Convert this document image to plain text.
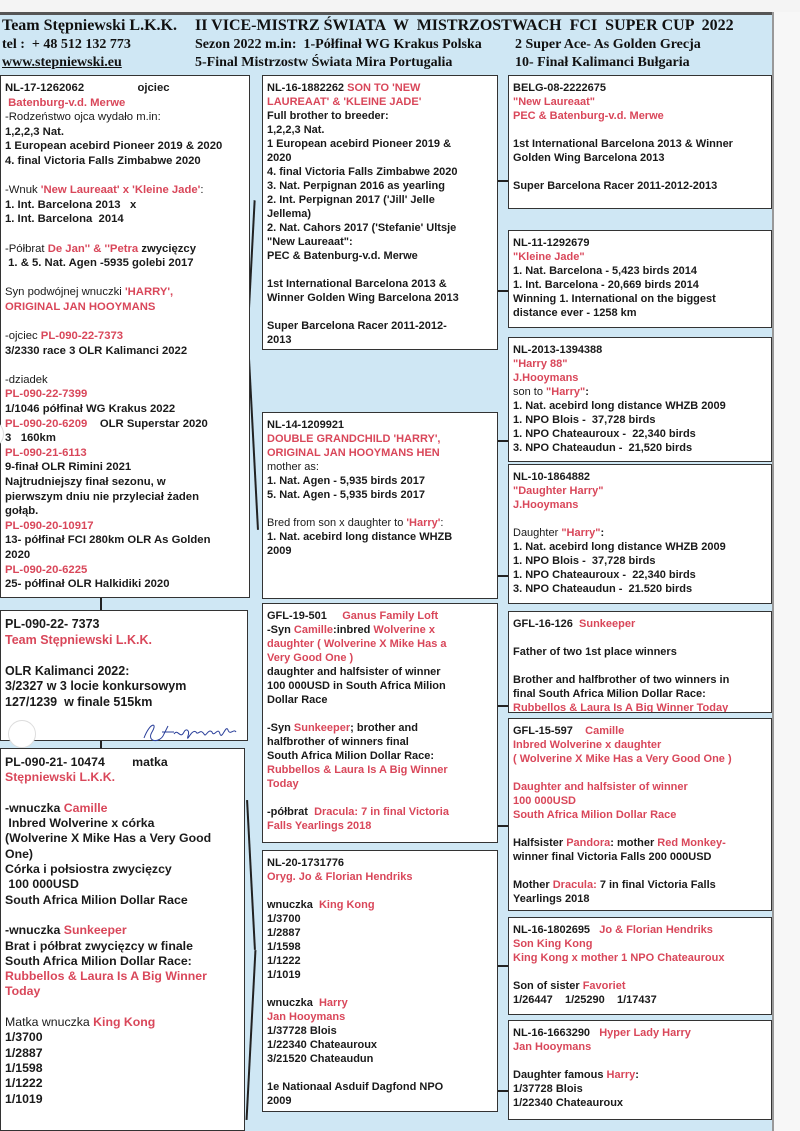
Team Stępniewski L.K.K. II VICE-MISTRZ ŚWIATA  W  MISTRZOSTWACH  FCI  SUPER CUP  2022
tel :  + 48 512 132 773
www.stepniewski.eu
Sezon 2022 m.in:  1-Półfinał WG Krakus Polska 2 Super Ace- As Golden Grecja
5-Final Mistrzostw Świata Mira Portugalia	10- Finał Kalimanci Bułgaria
NL-17-1262062                 ojciec
Batenburg-v.d. Merwe
-Rodzeństwo ojca wydało m.in:
1,2,2,3 Nat.
1 European acebird Pioneer 2019 & 2020
4. final Victoria Falls Zimbabwe 2020
-Wnuk 'New Laureaat' x 'Kleine Jade':
1. Int. Barcelona 2013   x
1. Int. Barcelona  2014
-Półbrat De Jan'' & ''Petra zwycięzcy
1. & 5. Nat. Agen -5935 golebi 2017
Syn podwójnej wnuczki 'HARRY',
ORIGINAL JAN HOOYMANS
-ojciec PL-090-22-7373
3/2330 race 3 OLR Kalimanci 2022
-dziadek
PL-090-22-7399
1/1046 półfinał WG Krakus 2022
PL-090-20-6209    OLR Superstar 2020
3   160km
PL-090-21-6113
9-finał OLR Rimini 2021
Najtrudniejszy finał sezonu, w
pierwszym dniu nie przyleciał żaden
gołąb.
PL-090-20-10917
13- półfinał FCI 280km OLR As Golden
2020
PL-090-20-6225
25- półfinał OLR Halkidiki 2020
PL-090-22- 7373
Team Stępniewski L.K.K.
OLR Kalimanci 2022:
3/2327 w 3 locie konkursowym
127/1239  w finale 515km
PL-090-21- 10474        matka
Stępniewski L.K.K.
-wnuczka Camille
Inbred Wolverine x córka
(Wolverine X Mike Has a Very Good
One)
Córka i połsiostra zwycięzcy
100 000USD
South Africa Milion Dollar Race
-wnuczka Sunkeeper
Brat i półbrat zwycięzcy w finale
South Africa Milion Dollar Race:
Rubbellos & Laura Is A Big Winner
Today
Matka wnuczka King Kong
1/3700
1/2887
1/1598
1/1222
1/1019
NL-16-1882262 SON TO 'NEW
LAUREAAT' & 'KLEINE JADE'
Full brother to breeder:
1,2,2,3 Nat.
1 European acebird Pioneer 2019 &
2020
4. final Victoria Falls Zimbabwe 2020
3. Nat. Perpignan 2016 as yearling
2. Int. Perpignan 2017 ('Jill' Jelle
Jellema)
2. Nat. Cahors 2017 ('Stefanie' Ultsje
"New Laureaat":
PEC & Batenburg-v.d. Merwe
1st International Barcelona 2013 &
Winner Golden Wing Barcelona 2013
Super Barcelona Racer 2011-2012-
2013
NL-14-1209921
DOUBLE GRANDCHILD 'HARRY',
ORIGINAL JAN HOOYMANS HEN
mother as:
1. Nat. Agen - 5,935 birds 2017
5. Nat. Agen - 5,935 birds 2017
Bred from son x daughter to 'Harry':
1. Nat. acebird long distance WHZB
2009
GFL-19-501     Ganus Family Loft
-Syn Camille:inbred Wolverine x
daughter ( Wolverine X Mike Has a
Very Good One )
daughter and halfsister of winner
100 000USD in South Africa Milion
Dollar Race
-Syn Sunkeeper; brother and
halfbrother of winners final
South Africa Milion Dollar Race:
Rubbellos & Laura Is A Big Winner
Today
-półbrat  Dracula: 7 in final Victoria
Falls Yearlings 2018
NL-20-1731776
Oryg. Jo & Florian Hendriks
wnuczka  King Kong
1/3700
1/2887
1/1598
1/1222
1/1019
wnuczka  Harry
Jan Hooymans
1/37728 Blois
1/22340 Chateauroux
3/21520 Chateaudun
1e Nationaal Asduif Dagfond NPO
2009
BELG-08-2222675
"New Laureaat"
PEC & Batenburg-v.d. Merwe
1st International Barcelona 2013 & Winner
Golden Wing Barcelona 2013
Super Barcelona Racer 2011-2012-2013
NL-11-1292679
"Kleine Jade"
1. Nat. Barcelona - 5,423 birds 2014
1. Int. Barcelona - 20,669 birds 2014
Winning 1. International on the biggest
distance ever - 1258 km
NL-2013-1394388
"Harry 88"
J.Hooymans
son to "Harry":
1. Nat. acebird long distance WHZB 2009
1. NPO Blois -  37,728 birds
1. NPO Chateauroux -  22,340 birds
3. NPO Chateaudun -  21,520 birds
NL-10-1864882
"Daughter Harry"
J.Hooymans
Daughter "Harry":
1. Nat. acebird long distance WHZB 2009
1. NPO Blois -  37,728 birds
1. NPO Chateauroux -  22,340 birds
3. NPO Chateaudun -  21.520 birds
GFL-16-126  Sunkeeper
Father of two 1st place winners
Brother and halfbrother of two winners in
final South Africa Milion Dollar Race:
Rubbellos & Laura Is A Big Winner Today
GFL-15-597    Camille
Inbred Wolverine x daughter
( Wolverine X Mike Has a Very Good One )
Daughter and halfsister of winner
100 000USD
South Africa Milion Dollar Race
Halfsister Pandora: mother Red Monkey-
winner final Victoria Falls 200 000USD
Mother Dracula: 7 in final Victoria Falls
Yearlings 2018
NL-16-1802695   Jo & Florian Hendriks
Son King Kong
King Kong x mother 1 NPO Chateauroux
Son of sister Favoriet
1/26447    1/25290    1/17437
NL-16-1663290   Hyper Lady Harry
Jan Hooymans
Daughter famous Harry:
1/37728 Blois
1/22340 Chateauroux
